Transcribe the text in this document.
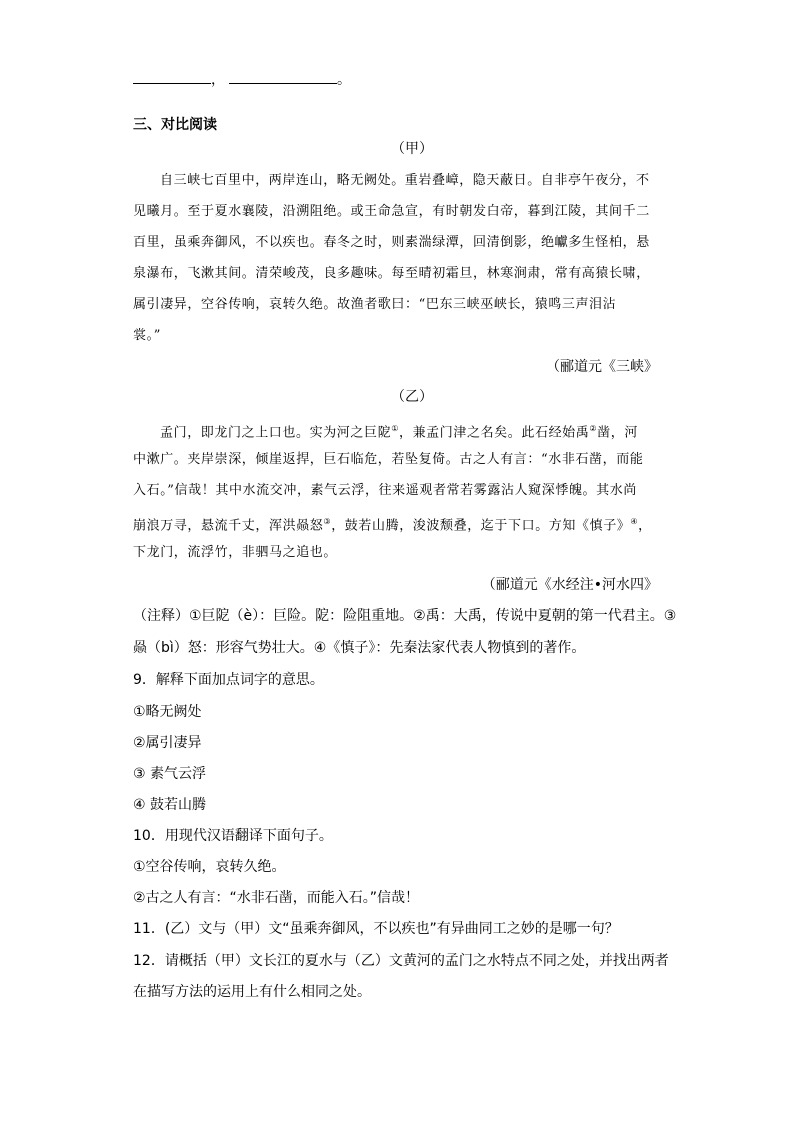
，	。
三、对比阅读
（甲）
自三峡七百里中，两岸连山，略无阙处。重岩叠嶂，隐天蔽日。自非亭午夜分，不
见曦月。至于夏水襄陵，沿溯阻绝。或王命急宣，有时朝发白帝，暮到江陵，其间千二
百里，虽乘奔御风，不以疾也。春冬之时，则素湍绿潭，回清倒影，绝巘多生怪柏，悬
泉瀑布，飞漱其间。清荣峻茂，良多趣味。每至晴初霜旦，林寒涧肃，常有高猿长啸，
属引凄异，空谷传响，哀转久绝。故渔者歌曰：“巴东三峡巫峡长，猿鸣三声泪沾
裳。”
（郦道元《三峡》
（乙）
孟门，即龙门之上口也。实为河之巨阸①，兼孟门津之名矣。此石经始禹②凿，河
中漱广。夹岸崇深，倾崖返捍，巨石临危，若坠复倚。古之人有言：“水非石凿，而能
入石。”信哉！其中水流交冲，素气云浮，往来遥观者常若雾露沾人窥深悸魄。其水尚
崩浪万寻，悬流千丈，浑洪赑怒③，鼓若山腾，浚波颓叠，迄于下口。方知《慎子》④，
下龙门，流浮竹，非驷马之追也。
（郦道元《水经注•河水四》
（注释）①巨阸（è）：巨险。阸：险阻重地。②禹：大禹，传说中夏朝的第一代君主。③
赑（bì）怒：形容气势壮大。④《慎子》：先秦法家代表人物慎到的著作。
9．解释下面加点词字的意思。
①略无阙处
②属引凄异
③ 素气云浮
④ 鼓若山腾
10．用现代汉语翻译下面句子。
①空谷传响，哀转久绝。
②古之人有言：“水非石凿，而能入石。”信哉！
11．(乙）文与（甲）文“虽乘奔御风，不以疾也”有异曲同工之妙的是哪一句？
12．请概括（甲）文长江的夏水与（乙）文黄河的孟门之水特点不同之处，并找出两者
在描写方法的运用上有什么相同之处。
